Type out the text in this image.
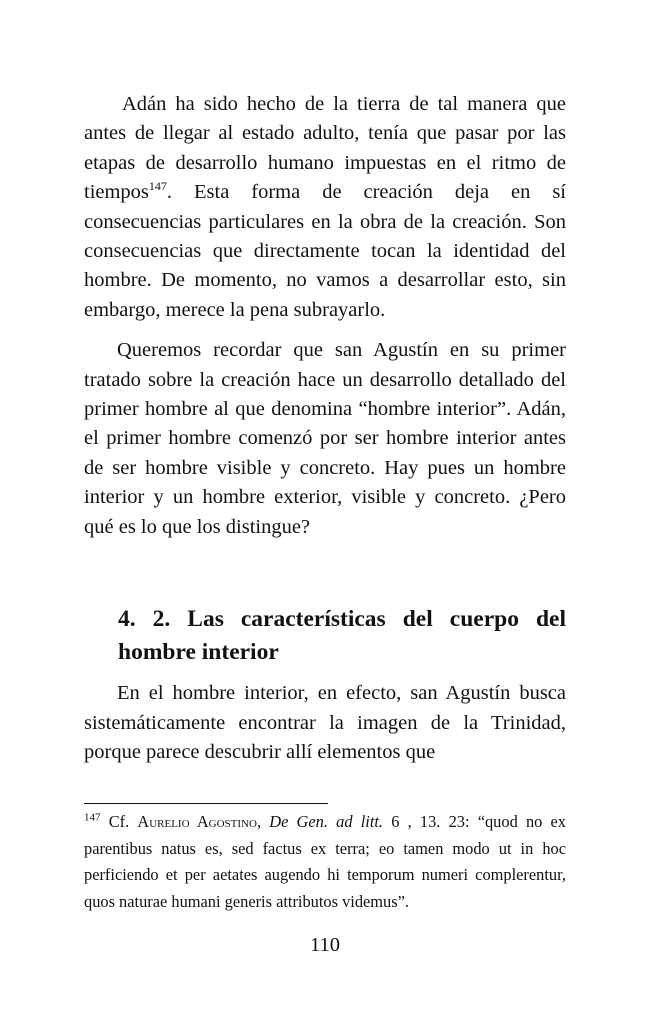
Adán ha sido hecho de la tierra de tal manera que antes de llegar al estado adulto, tenía que pasar por las etapas de desarrollo humano impuestas en el ritmo de tiempos$^{147}$. Esta forma de creación deja en sí consecuencias particulares en la obra de la creación. Son consecuencias que directamente tocan la identidad del hombre. De momento, no vamos a desarrollar esto, sin embargo, merece la pena subrayarlo.

Queremos recordar que san Agustín en su primer tratado sobre la creación hace un desarrollo detallado del primer hombre al que denomina “hombre interior”. Adán, el primer hombre comenzó por ser hombre interior antes de ser hombre visible y concreto. Hay pues un hombre interior y un hombre exterior, visible y concreto. ¿Pero qué es lo que los distingue?

4. 2. Las características del cuerpo del hombre interior

En el hombre interior, en efecto, san Agustín busca sistemáticamente encontrar la imagen de la Trinidad, porque parece descubrir allí elementos que

$^{147}$ Cf. Aurelio Agostino, De Gen. ad litt. 6 , 13. 23: “quod no ex parentibus natus es, sed factus ex terra; eo tamen modo ut in hoc perficiendo et per aetates augendo hi temporum numeri complerentur, quos naturae humani generis attributos videmus”.

110
